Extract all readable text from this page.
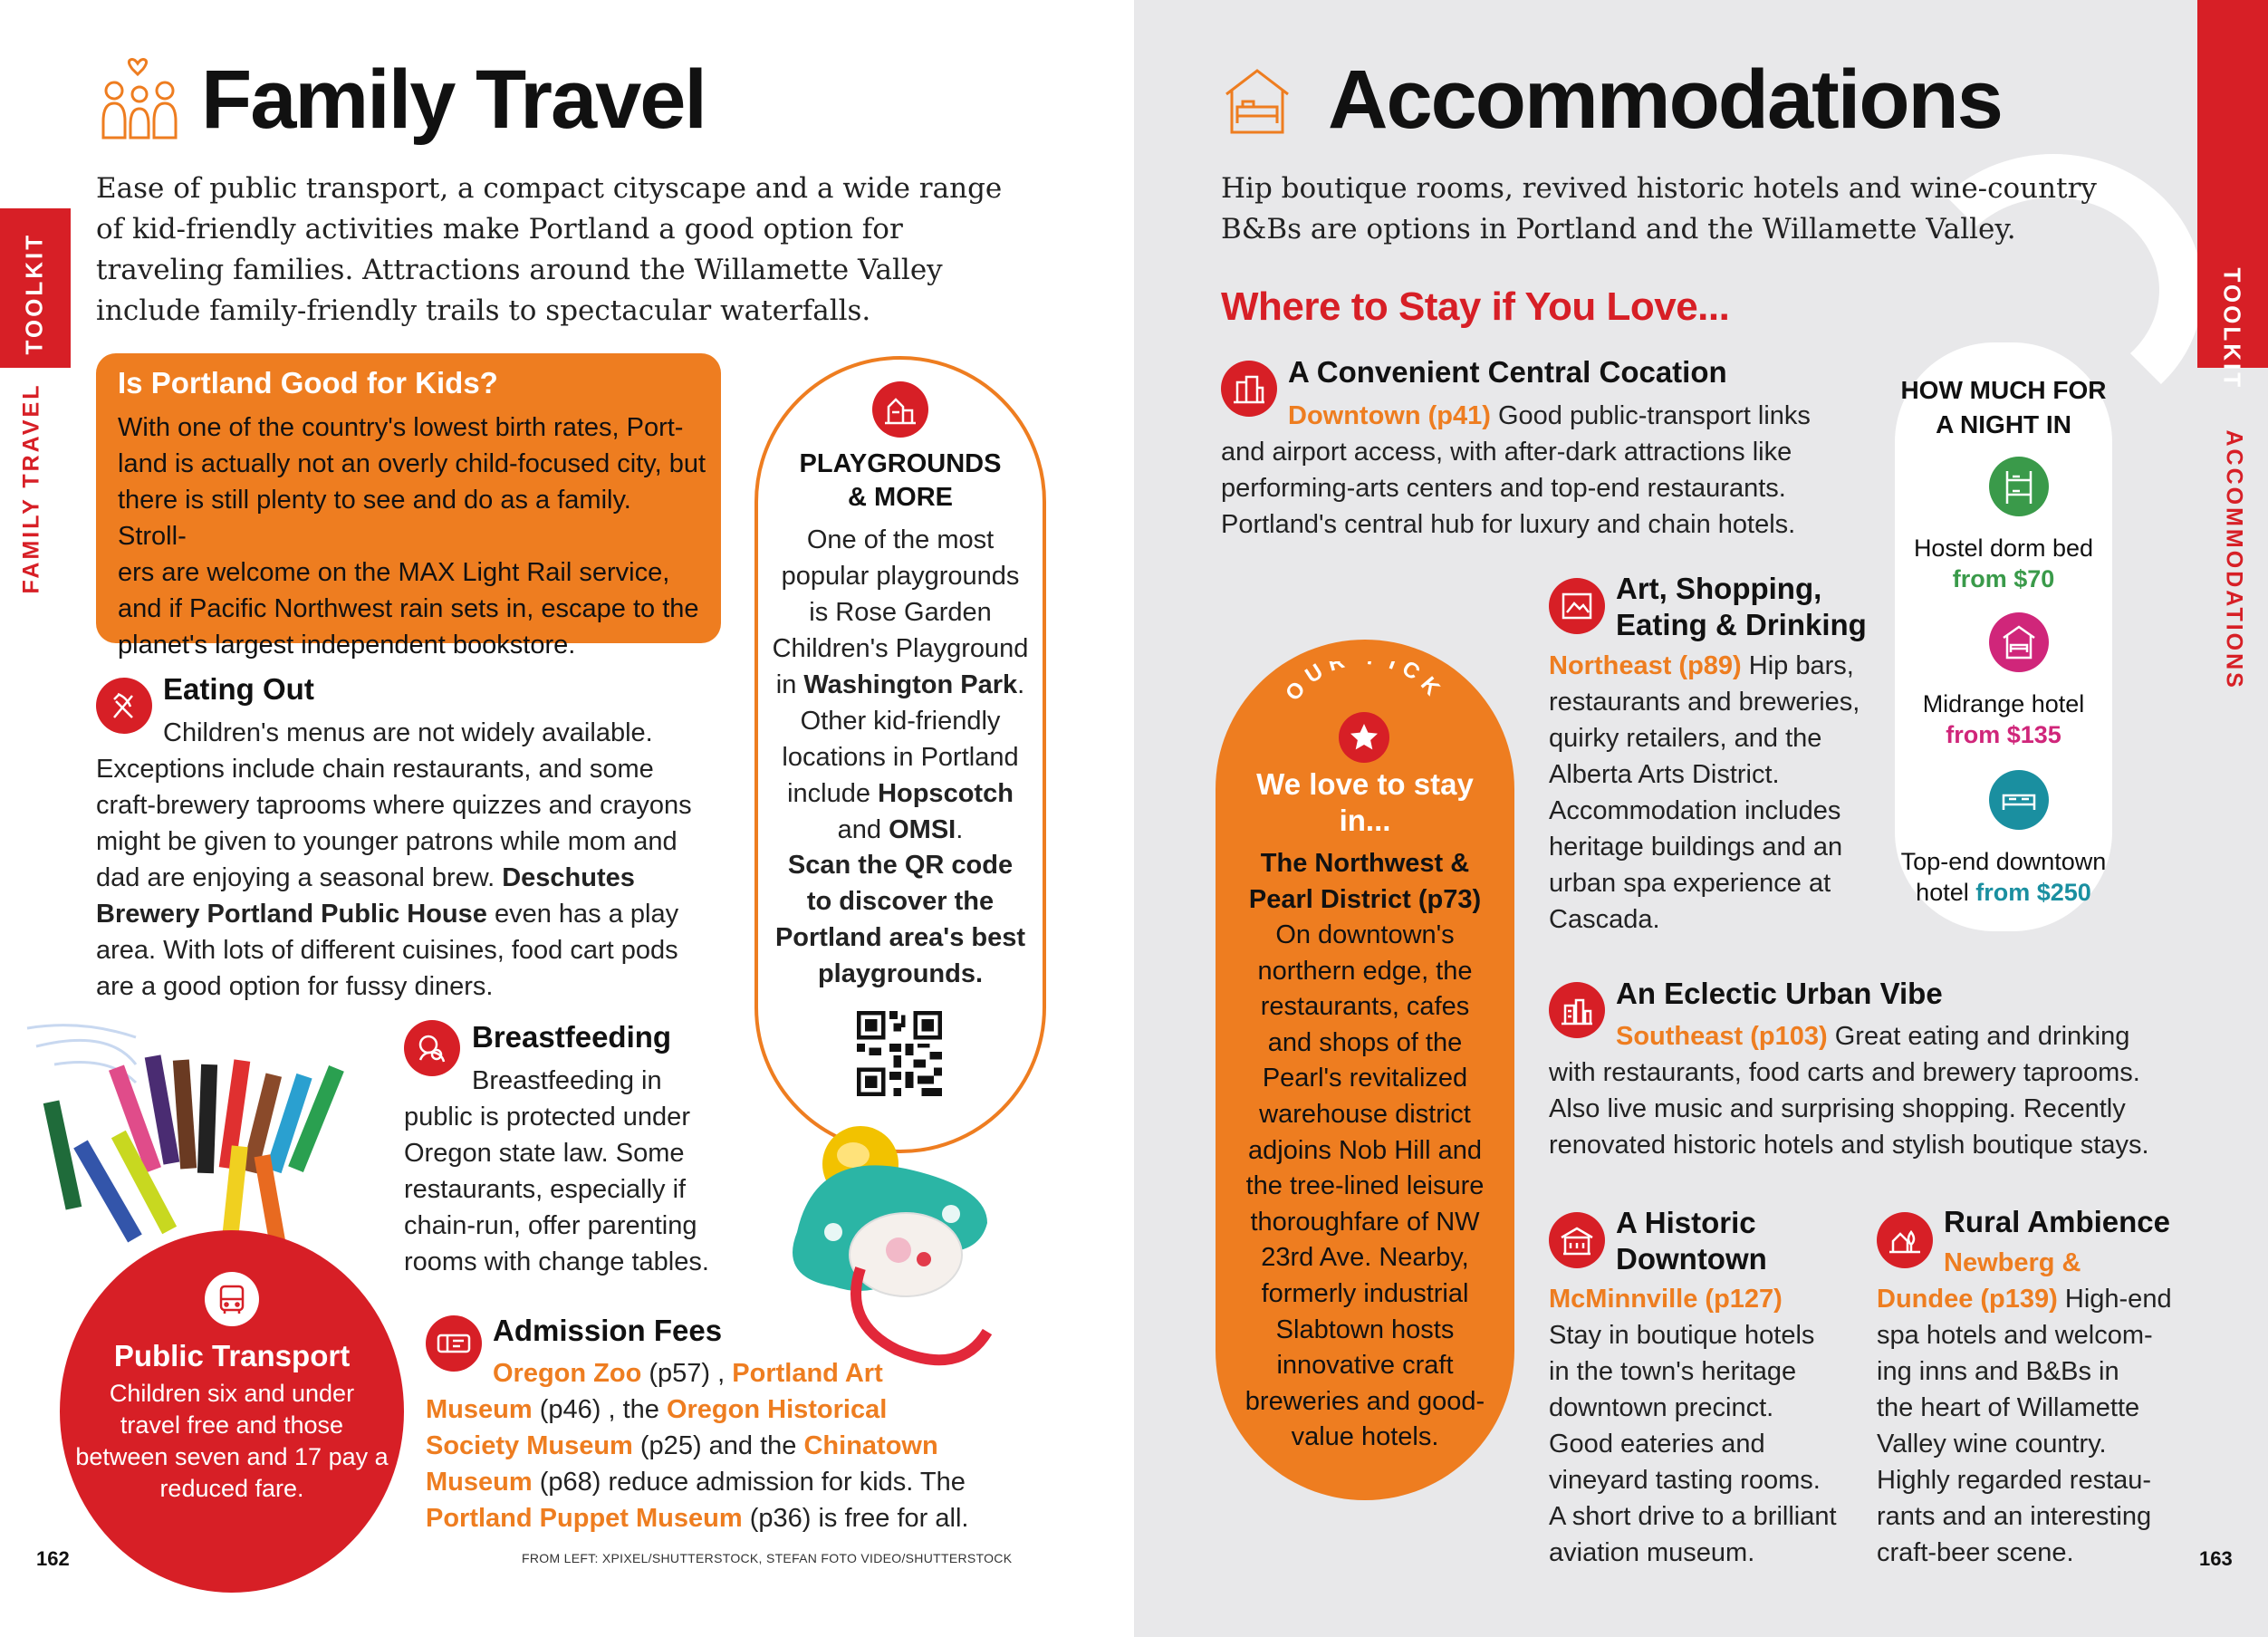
TOOLKIT
FAMILY TRAVEL
Family Travel
Ease of public transport, a compact cityscape and a wide range
of kid-friendly activities make Portland a good option for
traveling families. Attractions around the Willamette Valley
include family-friendly trails to spectacular waterfalls.
Is Portland Good for Kids?
With one of the country's lowest birth rates, Port-
land is actually not an overly child-focused city, but
there is still plenty to see and do as a family. Stroll-
ers are welcome on the MAX Light Rail service,
and if Pacific Northwest rain sets in, escape to the
planet's largest independent bookstore.
PLAYGROUNDS
& MORE
One of the most
popular playgrounds
is Rose Garden
Children's Playground
in Washington Park.
Other kid-friendly
locations in Portland
include Hopscotch
and OMSI.
Scan the QR code
to discover the
Portland area's best
playgrounds.
Eating Out
Children's menus are not widely available.
Exceptions include chain restaurants, and some
craft-brewery taprooms where quizzes and crayons
might be given to younger patrons while mom and
dad are enjoying a seasonal brew. Deschutes
Brewery Portland Public House even has a play
area. With lots of different cuisines, food cart pods
are a good option for fussy diners.
Breastfeeding
Breastfeeding in
public is protected under
Oregon state law. Some
restaurants, especially if
chain-run, offer parenting
rooms with change tables.
Admission Fees
Oregon Zoo (p57) , Portland Art
Museum (p46) , the Oregon Historical
Society Museum (p25) and the Chinatown
Museum (p68) reduce admission for kids. The
Portland Puppet Museum (p36) is free for all.
Public Transport
Children six and under
travel free and those
between seven and 17 pay a
reduced fare.
162	FROM LEFT: XPIXEL/SHUTTERSTOCK, STEFAN FOTO VIDEO/SHUTTERSTOCK
TOOLKIT
ACCOMMODATIONS
Accommodations
Hip boutique rooms, revived historic hotels and wine-country
B&Bs are options in Portland and the Willamette Valley.
Where to Stay if You Love...
A Convenient Central Cocation
Downtown (p41) Good public-transport links
and airport access, with after-dark attractions like
performing-arts centers and top-end restaurants.
Portland's central hub for luxury and chain hotels.
Art, Shopping,
Eating & Drinking
Northeast (p89) Hip bars,
restaurants and breweries,
quirky retailers, and the
Alberta Arts District.
Accommodation includes
heritage buildings and an
urban spa experience at
Cascada.
OUR ICK
We love to stay
in...
The Northwest &
Pearl District (p73)
On downtown's
northern edge, the
restaurants, cafes
and shops of the
Pearl's revitalized
warehouse district
adjoins Nob Hill and
the tree-lined leisure
thoroughfare of NW
23rd Ave. Nearby,
formerly industrial
Slabtown hosts
innovative craft
breweries and good-
value hotels.
An Eclectic Urban Vibe
Southeast (p103) Great eating and drinking
with restaurants, food carts and brewery taprooms.
Also live music and surprising shopping. Recently
renovated historic hotels and stylish boutique stays.
A Historic
Downtown
McMinnville (p127)
Stay in boutique hotels
in the town's heritage
downtown precinct.
Good eateries and
vineyard tasting rooms.
A short drive to a brilliant
aviation museum.
Rural Ambience
Newberg &
Dundee (p139) High-end
spa hotels and welcom-
ing inns and B&Bs in
the heart of Willamette
Valley wine country.
Highly regarded restau-
rants and an interesting
craft-beer scene.
HOW MUCH FOR
A NIGHT IN
Hostel dorm bed
from $70
Midrange hotel
from $135
Top-end downtown
hotel from $250
163
